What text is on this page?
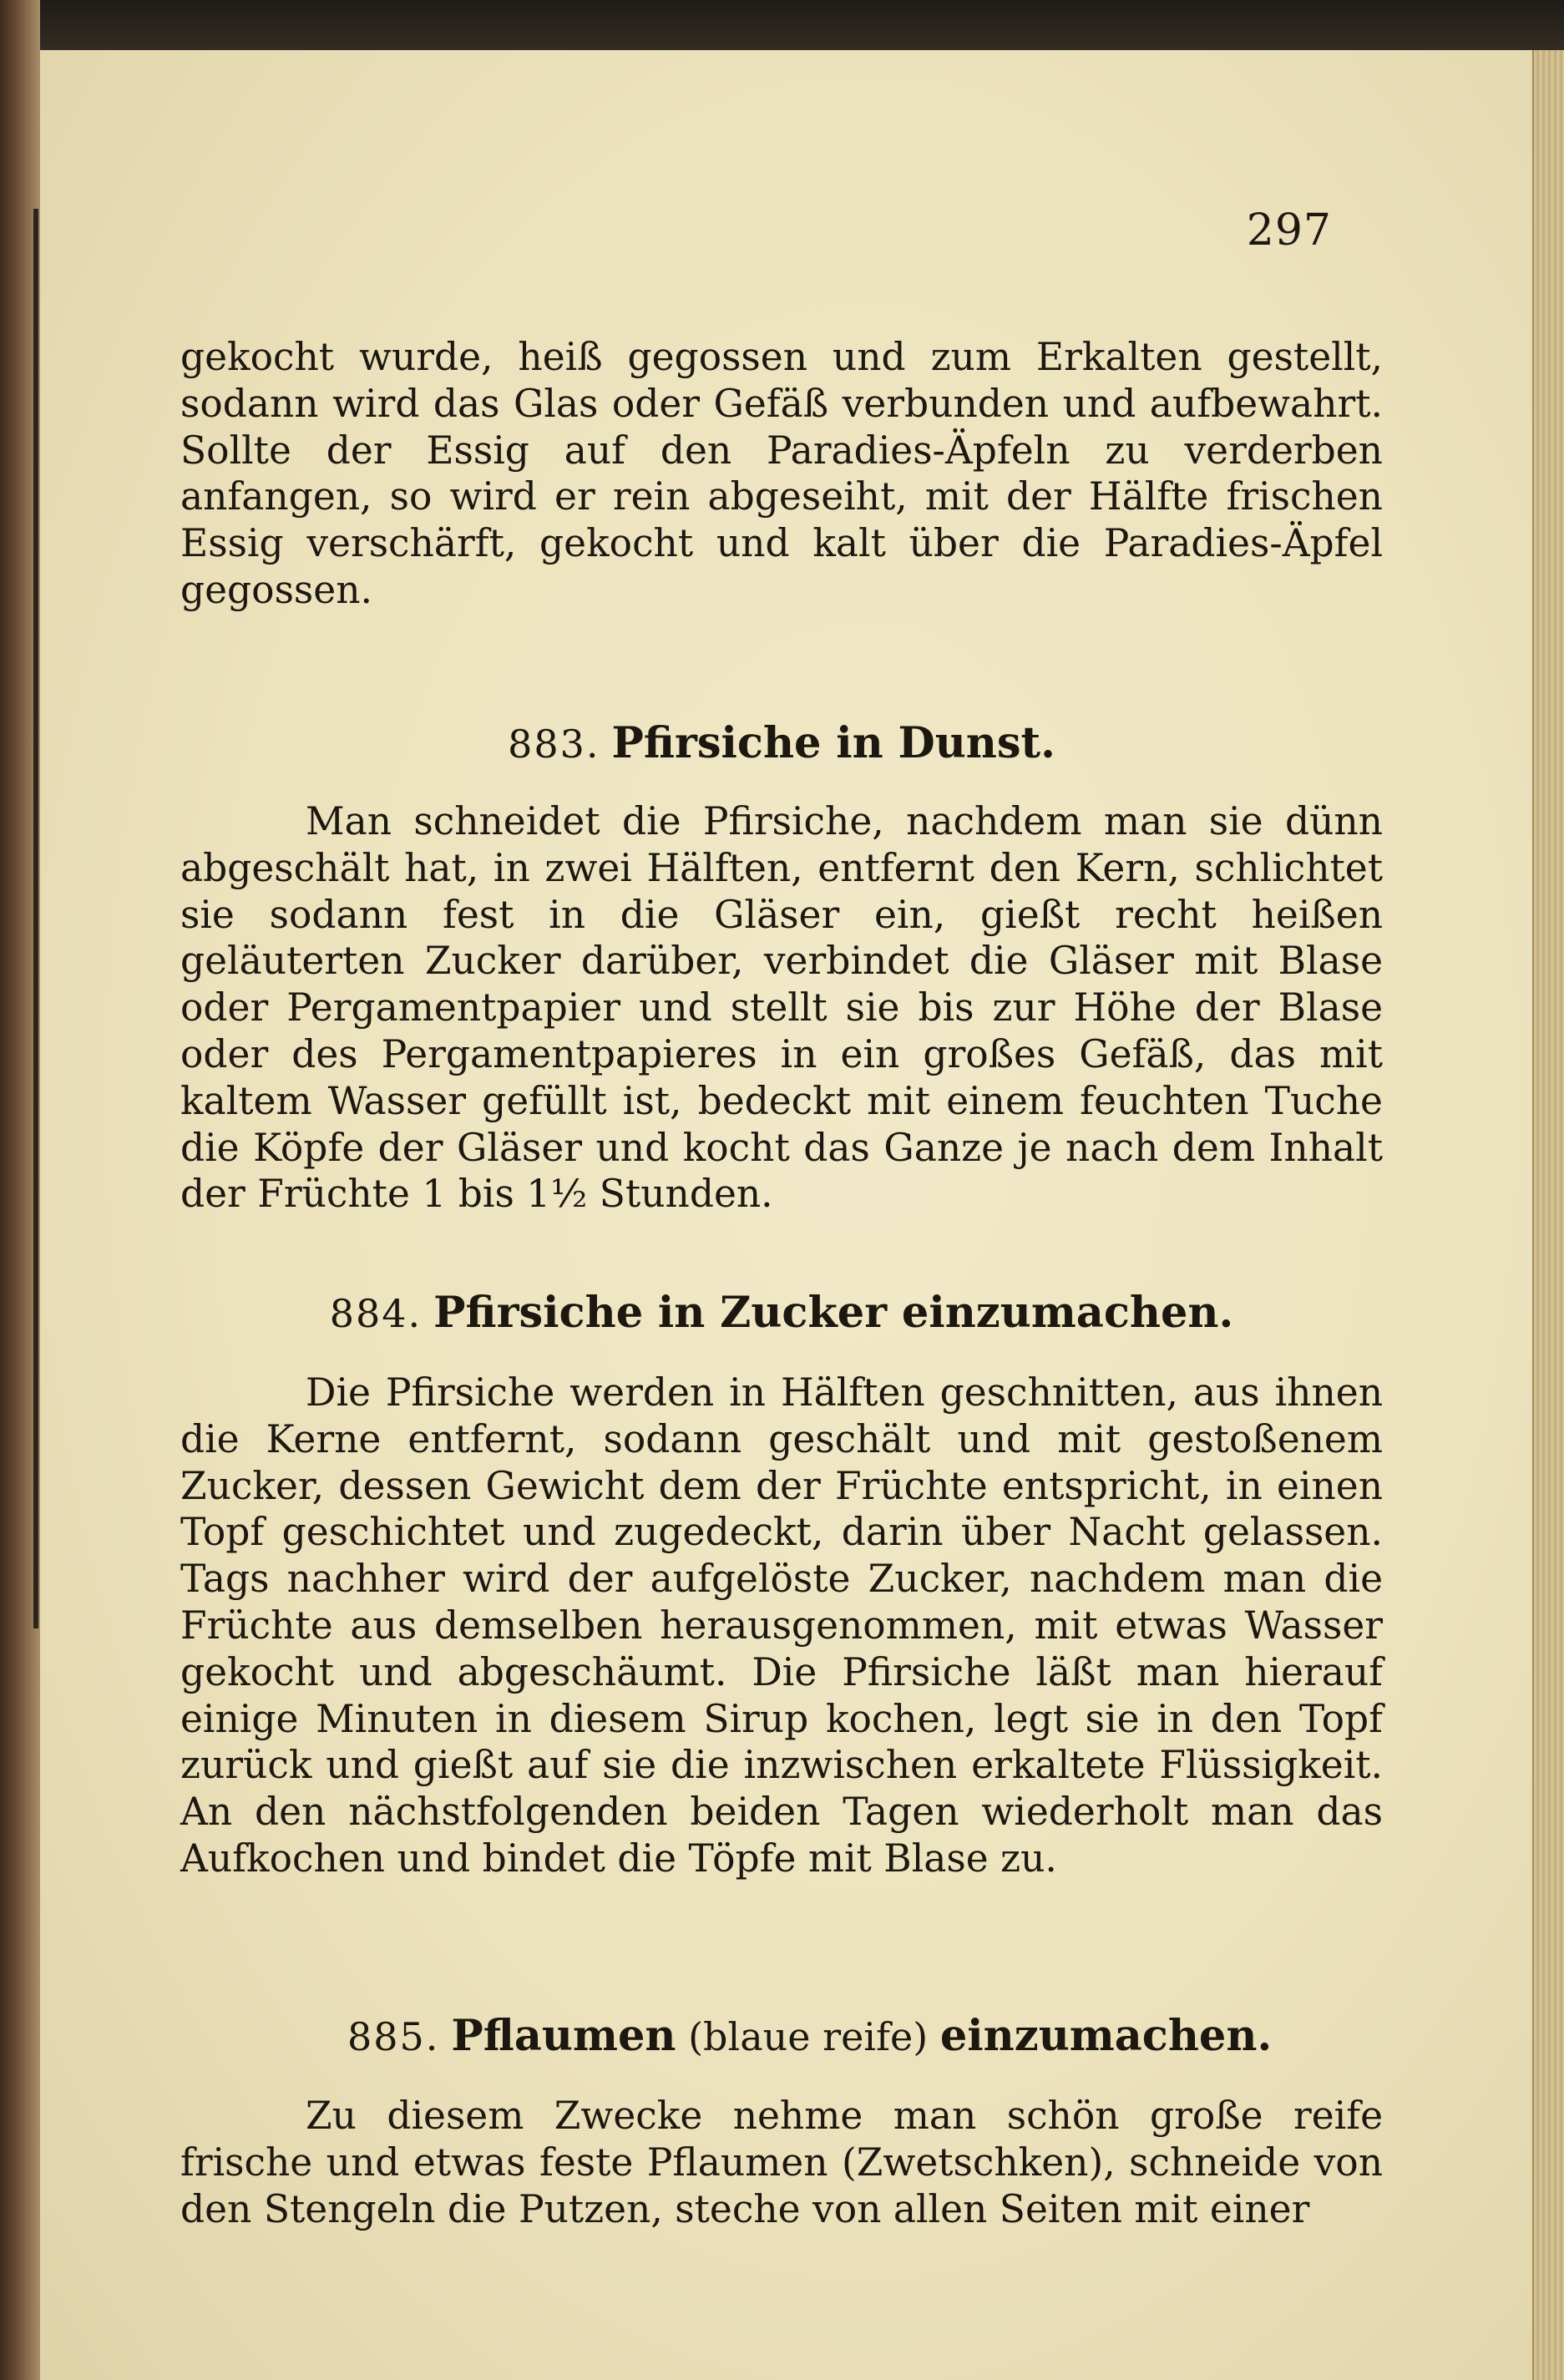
297

gekocht wurde, heiß gegossen und zum Erkalten gestellt, sodann wird das Glas oder Gefäß verbunden und aufbewahrt. Sollte der Essig auf den Paradies-Äpfeln zu verderben anfangen, so wird er rein abgeseiht, mit der Hälfte frischen Essig verschärft, gekocht und kalt über die Paradies-Äpfel gegossen.

883. Pfirsiche in Dunst.

Man schneidet die Pfirsiche, nachdem man sie dünn abgeschält hat, in zwei Hälften, entfernt den Kern, schlichtet sie sodann fest in die Gläser ein, gießt recht heißen geläuterten Zucker darüber, verbindet die Gläser mit Blase oder Pergamentpapier und stellt sie bis zur Höhe der Blase oder des Pergamentpapieres in ein großes Gefäß, das mit kaltem Wasser gefüllt ist, bedeckt mit einem feuchten Tuche die Köpfe der Gläser und kocht das Ganze je nach dem Inhalt der Früchte 1 bis 1½ Stunden.

884. Pfirsiche in Zucker einzumachen.

Die Pfirsiche werden in Hälften geschnitten, aus ihnen die Kerne entfernt, sodann geschält und mit gestoßenem Zucker, dessen Gewicht dem der Früchte entspricht, in einen Topf geschichtet und zugedeckt, darin über Nacht gelassen. Tags nachher wird der aufgelöste Zucker, nachdem man die Früchte aus demselben herausgenommen, mit etwas Wasser gekocht und abgeschäumt. Die Pfirsiche läßt man hierauf einige Minuten in diesem Sirup kochen, legt sie in den Topf zurück und gießt auf sie die inzwischen erkaltete Flüssigkeit. An den nächstfolgenden beiden Tagen wiederholt man das Aufkochen und bindet die Töpfe mit Blase zu.

885. Pflaumen (blaue reife) einzumachen.

Zu diesem Zwecke nehme man schön große reife frische und etwas feste Pflaumen (Zwetschken), schneide von den Stengeln die Putzen, steche von allen Seiten mit einer
